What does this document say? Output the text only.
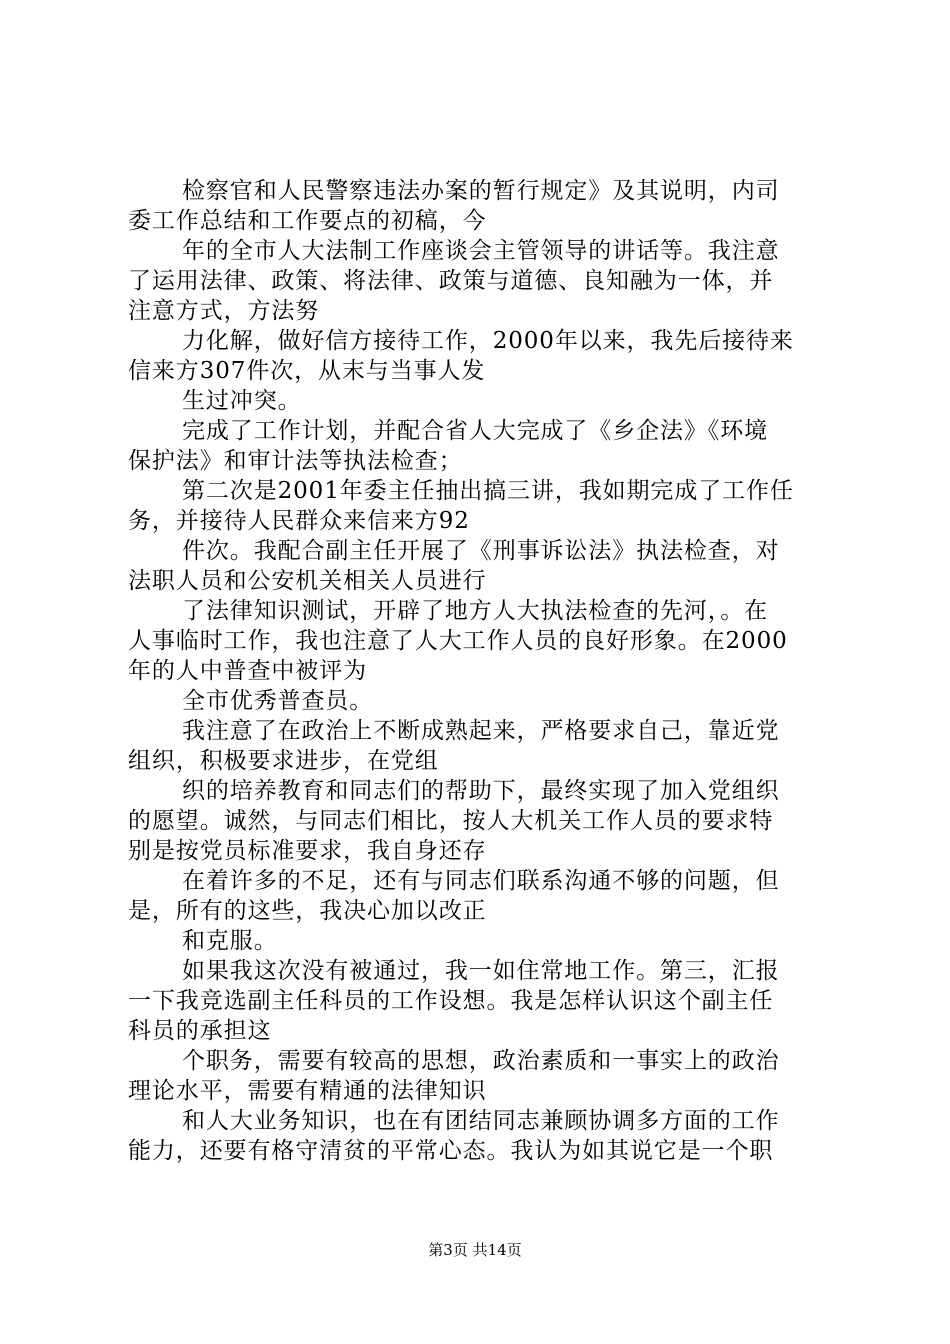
检察官和人民警察违法办案的暂行规定》及其说明，内司
委工作总结和工作要点的初稿，今
年的全市人大法制工作座谈会主管领导的讲话等。我注意
了运用法律、政策、将法律、政策与道德、良知融为一体，并
注意方式，方法努
力化解，做好信方接待工作，2000年以来，我先后接待来
信来方307件次，从末与当事人发
生过冲突。
完成了工作计划，并配合省人大完成了《乡企法》《环境
保护法》和审计法等执法检查；
第二次是2001年委主任抽出搞三讲，我如期完成了工作任
务，并接待人民群众来信来方92
件次。我配合副主任开展了《刑事诉讼法》执法检查，对
法职人员和公安机关相关人员进行
了法律知识测试，开辟了地方人大执法检查的先河，。在
人事临时工作，我也注意了人大工作人员的良好形象。在2000
年的人中普查中被评为
全市优秀普查员。
我注意了在政治上不断成熟起来，严格要求自己，靠近党
组织，积极要求进步，在党组
织的培养教育和同志们的帮助下，最终实现了加入党组织
的愿望。诚然，与同志们相比，按人大机关工作人员的要求特
别是按党员标准要求，我自身还存
在着许多的不足，还有与同志们联系沟通不够的问题，但
是，所有的这些，我决心加以改正
和克服。
如果我这次没有被通过，我一如住常地工作。第三，汇报
一下我竞选副主任科员的工作设想。我是怎样认识这个副主任
科员的承担这
个职务，需要有较高的思想，政治素质和一事实上的政治
理论水平，需要有精通的法律知识
和人大业务知识，也在有团结同志兼顾协调多方面的工作
能力，还要有格守清贫的平常心态。我认为如其说它是一个职
第3页 共14页
